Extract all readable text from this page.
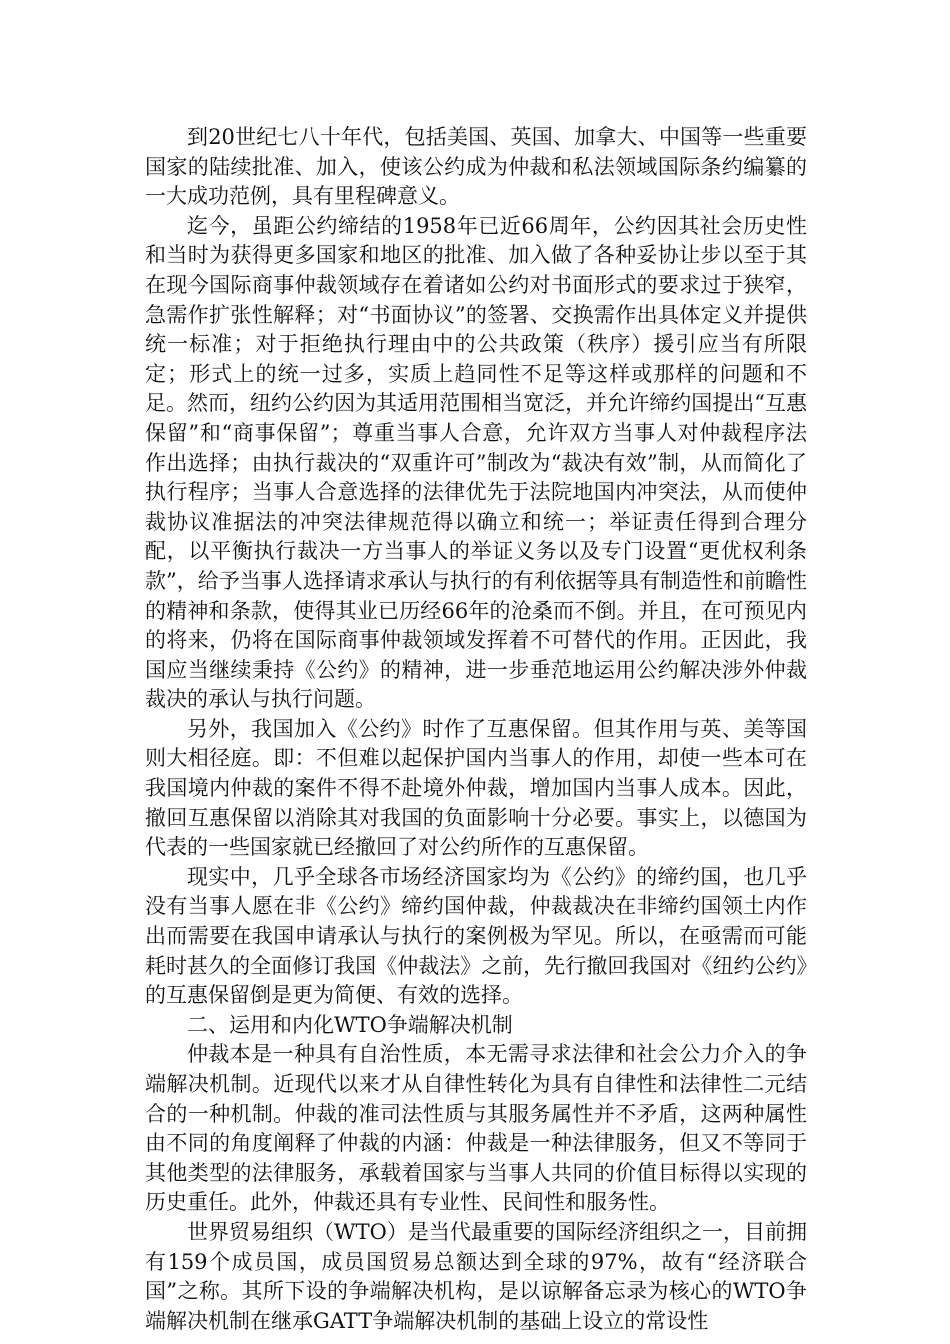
到20世纪七八十年代，包括美国、英国、加拿大、中国等一些重要国家的陆续批准、加入，使该公约成为仲裁和私法领域国际条约编纂的一大成功范例，具有里程碑意义。

迄今，虽距公约缔结的1958年已近66周年，公约因其社会历史性和当时为获得更多国家和地区的批准、加入做了各种妥协让步以至于其在现今国际商事仲裁领域存在着诸如公约对书面形式的要求过于狭窄，急需作扩张性解释；对“书面协议”的签署、交换需作出具体定义并提供统一标准；对于拒绝执行理由中的公共政策（秩序）援引应当有所限定；形式上的统一过多，实质上趋同性不足等这样或那样的问题和不足。然而，纽约公约因为其适用范围相当宽泛，并允许缔约国提出“互惠保留”和“商事保留”；尊重当事人合意，允许双方当事人对仲裁程序法作出选择；由执行裁决的“双重许可”制改为“裁决有效”制，从而简化了执行程序；当事人合意选择的法律优先于法院地国内冲突法，从而使仲裁协议准据法的冲突法律规范得以确立和统一；举证责任得到合理分配，以平衡执行裁决一方当事人的举证义务以及专门设置“更优权利条款”，给予当事人选择请求承认与执行的有利依据等具有制造性和前瞻性的精神和条款，使得其业已历经66年的沧桑而不倒。并且，在可预见内的将来，仍将在国际商事仲裁领域发挥着不可替代的作用。正因此，我国应当继续秉持《公约》的精神，进一步垂范地运用公约解决涉外仲裁裁决的承认与执行问题。

另外，我国加入《公约》时作了互惠保留。但其作用与英、美等国则大相径庭。即：不但难以起保护国内当事人的作用，却使一些本可在我国境内仲裁的案件不得不赴境外仲裁，增加国内当事人成本。因此，撤回互惠保留以消除其对我国的负面影响十分必要。事实上，以德国为代表的一些国家就已经撤回了对公约所作的互惠保留。

现实中，几乎全球各市场经济国家均为《公约》的缔约国，也几乎没有当事人愿在非《公约》缔约国仲裁，仲裁裁决在非缔约国领土内作出而需要在我国申请承认与执行的案例极为罕见。所以，在亟需而可能耗时甚久的全面修订我国《仲裁法》之前，先行撤回我国对《纽约公约》的互惠保留倒是更为简便、有效的选择。

二、运用和内化WTO争端解决机制

仲裁本是一种具有自治性质，本无需寻求法律和社会公力介入的争端解决机制。近现代以来才从自律性转化为具有自律性和法律性二元结合的一种机制。仲裁的准司法性质与其服务属性并不矛盾，这两种属性由不同的角度阐释了仲裁的内涵：仲裁是一种法律服务，但又不等同于其他类型的法律服务，承载着国家与当事人共同的价值目标得以实现的历史重任。此外，仲裁还具有专业性、民间性和服务性。

世界贸易组织（WTO）是当代最重要的国际经济组织之一，目前拥有159个成员国，成员国贸易总额达到全球的97%，故有“经济联合国”之称。其所下设的争端解决机构，是以谅解备忘录为核心的WTO争端解决机制在继承GATT争端解决机制的基础上设立的常设性
